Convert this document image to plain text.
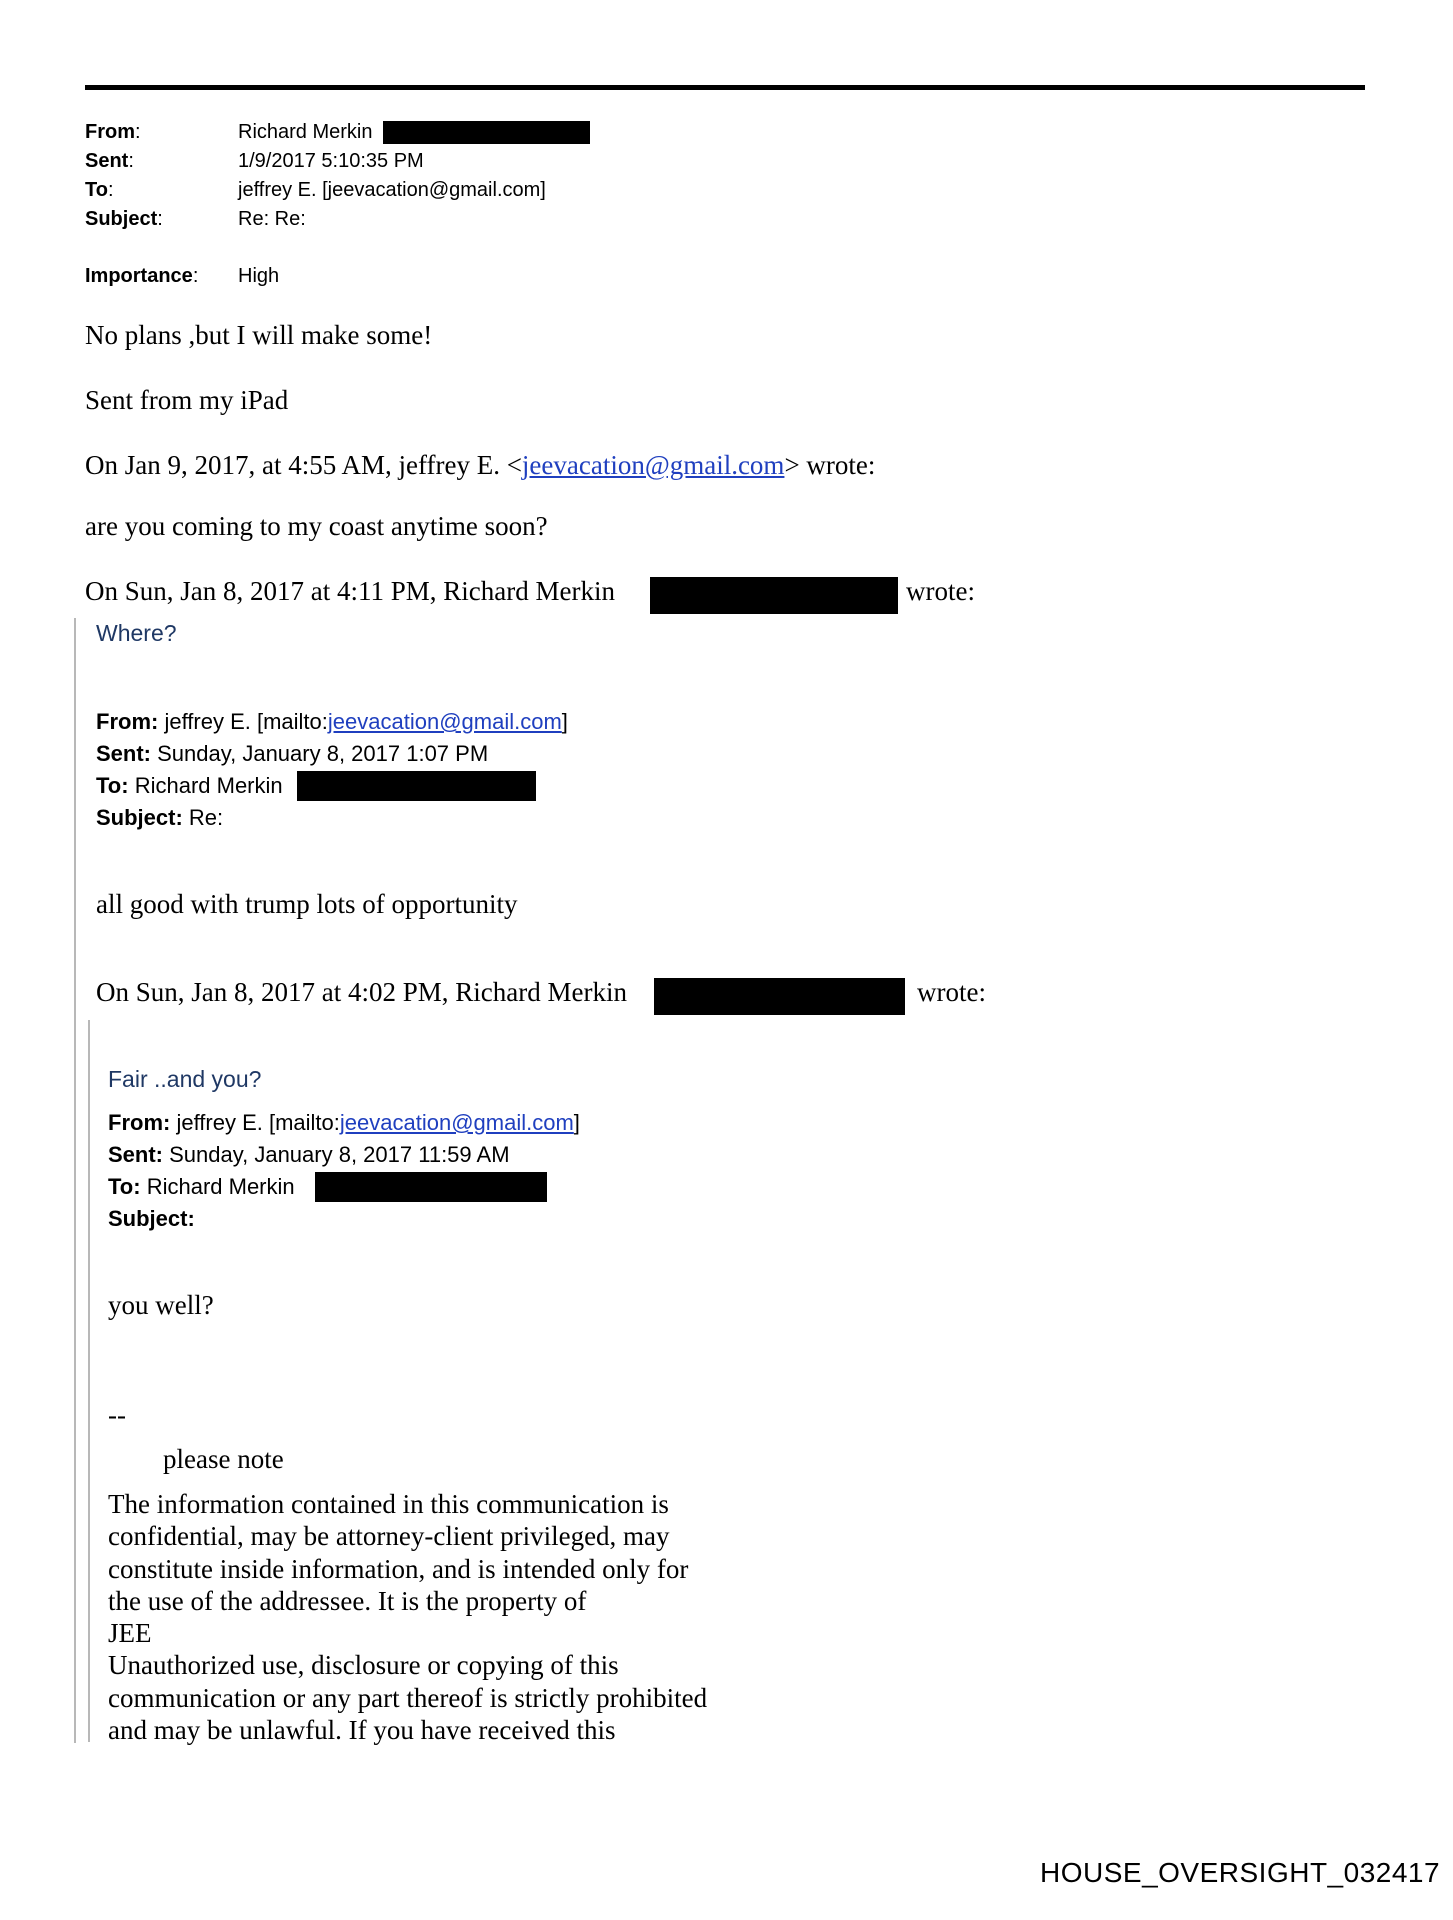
From:	Richard Merkin
Sent:	1/9/2017 5:10:35 PM
To:	jeffrey E. [jeevacation@gmail.com]
Subject:	Re: Re:
Importance: High
No plans ,but I will make some!
Sent from my iPad
On Jan 9, 2017, at 4:55 AM, jeffrey E. <jeevacation@gmail.com> wrote:
are you coming to my coast anytime soon?
On Sun, Jan 8, 2017 at 4:11 PM, Richard Merkin	wrote:
Where?
From: jeffrey E. [mailto:jeevacation@gmail.com]
Sent: Sunday, January 8, 2017 1:07 PM
To: Richard Merkin
Subject: Re:
all good with trump lots of opportunity
On Sun, Jan 8, 2017 at 4:02 PM, Richard Merkin	wrote:
Fair ..and you?
From: jeffrey E. [mailto:jeevacation@gmail.com]
Sent: Sunday, January 8, 2017 11:59 AM
To: Richard Merkin
Subject:
you well?
--
please note
The information contained in this communication is
confidential, may be attorney-client privileged, may
constitute inside information, and is intended only for
the use of the addressee. It is the property of
JEE
Unauthorized use, disclosure or copying of this
communication or any part thereof is strictly prohibited
and may be unlawful. If you have received this
HOUSE_OVERSIGHT_032417
